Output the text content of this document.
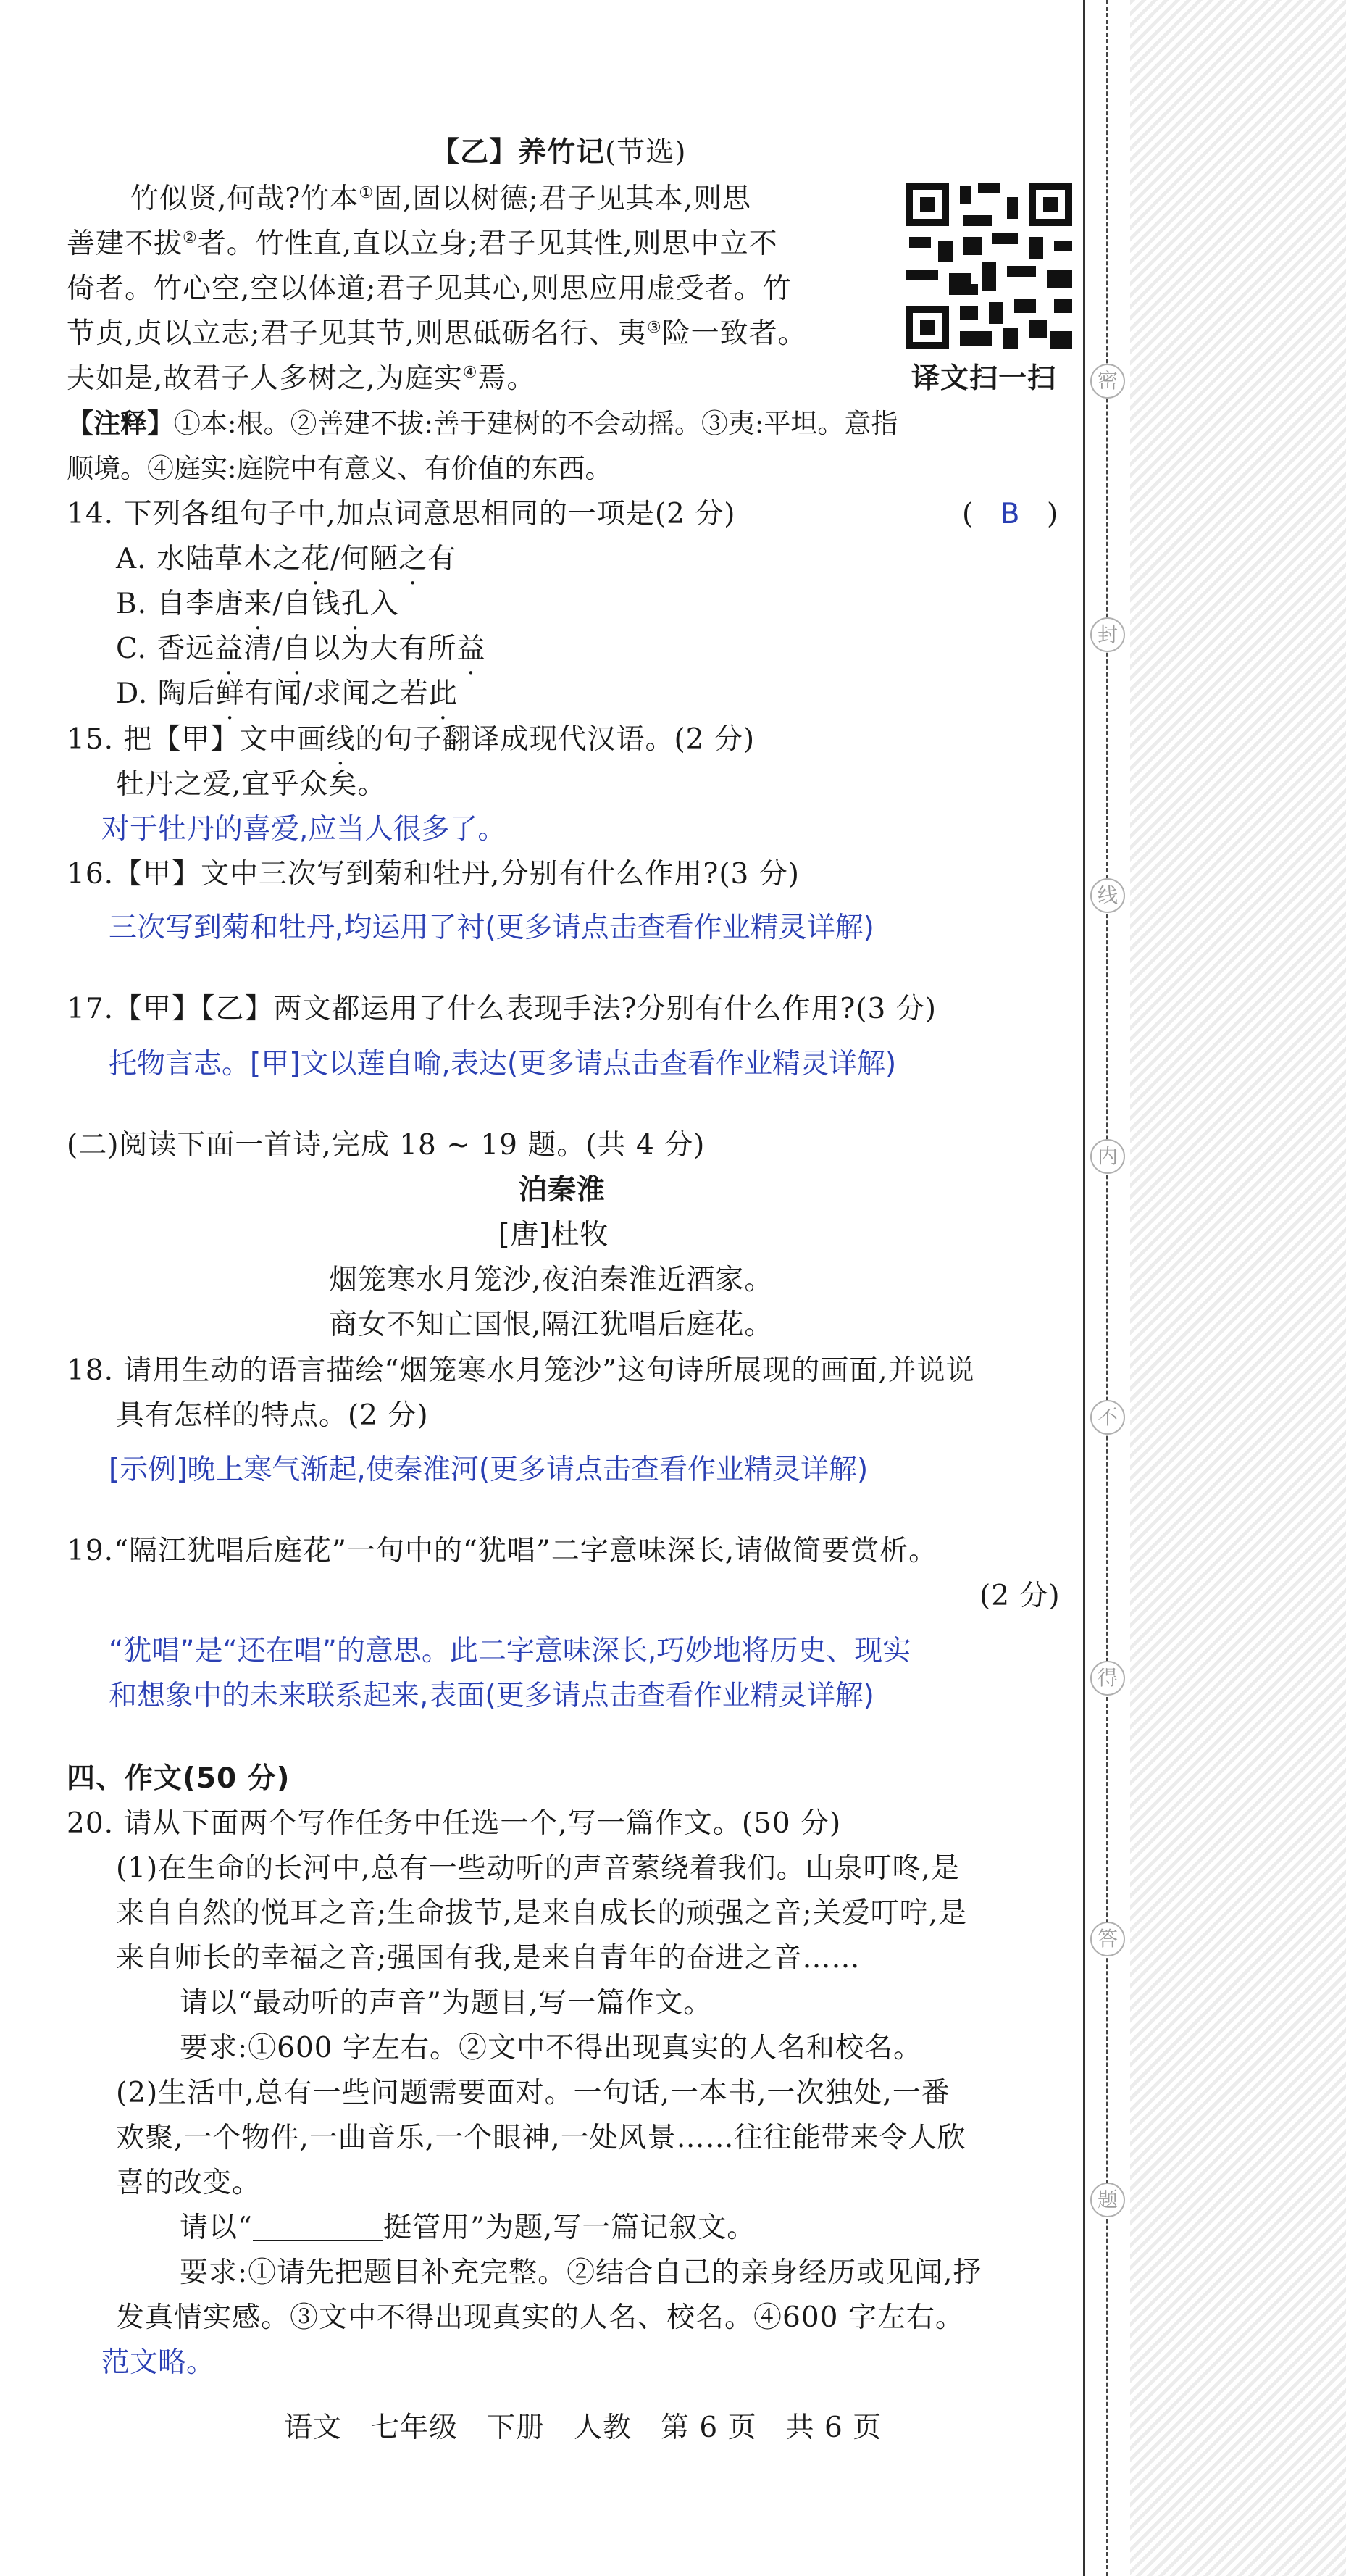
【乙】养竹记(节选)
竹似贤,何哉?竹本①固,固以树德;君子见其本,则思
善建不拔②者。竹性直,直以立身;君子见其性,则思中立不
倚者。竹心空,空以体道;君子见其心,则思应用虚受者。竹
节贞,贞以立志;君子见其节,则思砥砺名行、夷③险一致者。
夫如是,故君子人多树之,为庭实④焉。	译文扫一扫
【注释】①本:根。②善建不拔:善于建树的不会动摇。③夷:平坦。意指
顺境。④庭实:庭院中有意义、有价值的东西。
14. 下列各组句子中,加点词意思相同的一项是(2 分)	( B )
A. 水陆草木之花/何陋之有
B. 自李唐来/自钱孔入
C. 香远益清/自以为大有所益
D. 陶后鲜有闻/求闻之若此
15. 把【甲】文中画线的句子翻译成现代汉语。(2 分)
牡丹之爱,宜乎众矣。
对于牡丹的喜爱,应当人很多了。
16.【甲】文中三次写到菊和牡丹,分别有什么作用?(3 分)
三次写到菊和牡丹,均运用了衬(更多请点击查看作业精灵详解)
17.【甲】【乙】两文都运用了什么表现手法?分别有什么作用?(3 分)
托物言志。[甲]文以莲自喻,表达(更多请点击查看作业精灵详解)
(二)阅读下面一首诗,完成 18 ~ 19 题。(共 4 分)
泊秦淮
[唐]杜牧
烟笼寒水月笼沙,夜泊秦淮近酒家。
商女不知亡国恨,隔江犹唱后庭花。
18. 请用生动的语言描绘“烟笼寒水月笼沙”这句诗所展现的画面,并说说
具有怎样的特点。(2 分)
[示例]晚上寒气渐起,使秦淮河(更多请点击查看作业精灵详解)
19.“隔江犹唱后庭花”一句中的“犹唱”二字意味深长,请做简要赏析。
(2 分)
“犹唱”是“还在唱”的意思。此二字意味深长,巧妙地将历史、现实
和想象中的未来联系起来,表面(更多请点击查看作业精灵详解)
四、作文(50 分)
20. 请从下面两个写作任务中任选一个,写一篇作文。(50 分)
(1)在生命的长河中,总有一些动听的声音萦绕着我们。山泉叮咚,是
来自自然的悦耳之音;生命拔节,是来自成长的顽强之音;关爱叮咛,是
来自师长的幸福之音;强国有我,是来自青年的奋进之音……
请以“最动听的声音”为题目,写一篇作文。
要求:①600 字左右。②文中不得出现真实的人名和校名。
(2)生活中,总有一些问题需要面对。一句话,一本书,一次独处,一番
欢聚,一个物件,一曲音乐,一个眼神,一处风景……往往能带来令人欣
喜的改变。
请以“	挺管用”为题,写一篇记叙文。
要求:①请先把题目补充完整。②结合自己的亲身经历或见闻,抒
发真情实感。③文中不得出现真实的人名、校名。④600 字左右。
范文略。
语文　七年级　下册　人教　第 6 页　共 6 页
密
封
线
内
不
得
答
题
